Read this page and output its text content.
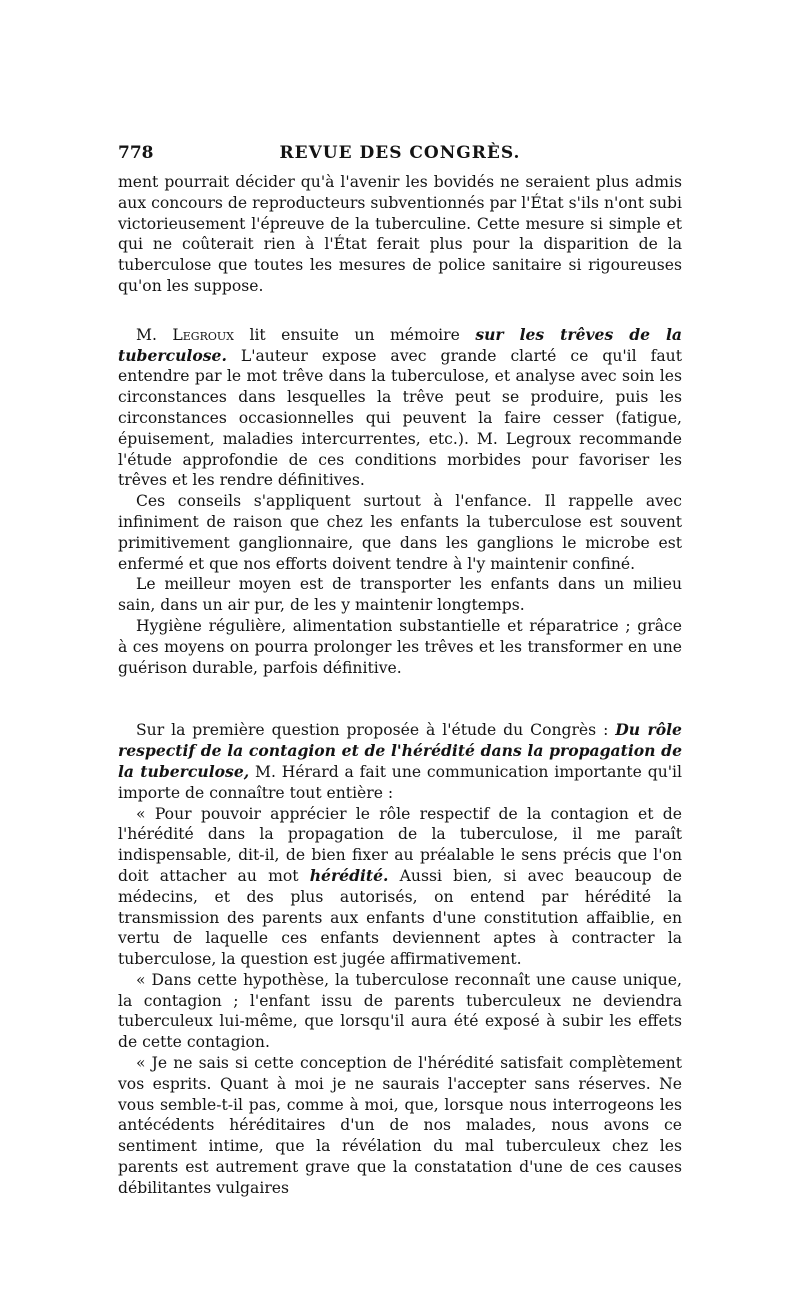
778	REVUE DES CONGRÈS.

ment pourrait décider qu'à l'avenir les bovidés ne seraient plus admis aux concours de reproducteurs subventionnés par l'État s'ils n'ont subi victorieusement l'épreuve de la tuberculine. Cette mesure si simple et qui ne coûterait rien à l'État ferait plus pour la disparition de la tuberculose que toutes les mesures de police sanitaire si rigoureuses qu'on les suppose.

M. Legroux lit ensuite un mémoire sur les trêves de la tuberculose. L'auteur expose avec grande clarté ce qu'il faut entendre par le mot trêve dans la tuberculose, et analyse avec soin les circonstances dans lesquelles la trêve peut se produire, puis les circonstances occasionnelles qui peuvent la faire cesser (fatigue, épuisement, maladies intercurrentes, etc.). M. Legroux recommande l'étude approfondie de ces conditions morbides pour favoriser les trêves et les rendre définitives.

Ces conseils s'appliquent surtout à l'enfance. Il rappelle avec infiniment de raison que chez les enfants la tuberculose est souvent primitivement ganglionnaire, que dans les ganglions le microbe est enfermé et que nos efforts doivent tendre à l'y maintenir confiné.

Le meilleur moyen est de transporter les enfants dans un milieu sain, dans un air pur, de les y maintenir longtemps.

Hygiène régulière, alimentation substantielle et réparatrice ; grâce à ces moyens on pourra prolonger les trêves et les transformer en une guérison durable, parfois définitive.

Sur la première question proposée à l'étude du Congrès : Du rôle respectif de la contagion et de l'hérédité dans la propagation de la tuberculose, M. Hérard a fait une communication importante qu'il importe de connaître tout entière :

« Pour pouvoir apprécier le rôle respectif de la contagion et de l'hérédité dans la propagation de la tuberculose, il me paraît indispensable, dit-il, de bien fixer au préalable le sens précis que l'on doit attacher au mot hérédité. Aussi bien, si avec beaucoup de médecins, et des plus autorisés, on entend par hérédité la transmission des parents aux enfants d'une constitution affaiblie, en vertu de laquelle ces enfants deviennent aptes à contracter la tuberculose, la question est jugée affirmativement.

« Dans cette hypothèse, la tuberculose reconnaît une cause unique, la contagion ; l'enfant issu de parents tuberculeux ne deviendra tuberculeux lui-même, que lorsqu'il aura été exposé à subir les effets de cette contagion.

« Je ne sais si cette conception de l'hérédité satisfait complètement vos esprits. Quant à moi je ne saurais l'accepter sans réserves. Ne vous semble-t-il pas, comme à moi, que, lorsque nous interrogeons les antécédents héréditaires d'un de nos malades, nous avons ce sentiment intime, que la révélation du mal tuberculeux chez les parents est autrement grave que la constatation d'une de ces causes débilitantes vulgaires
